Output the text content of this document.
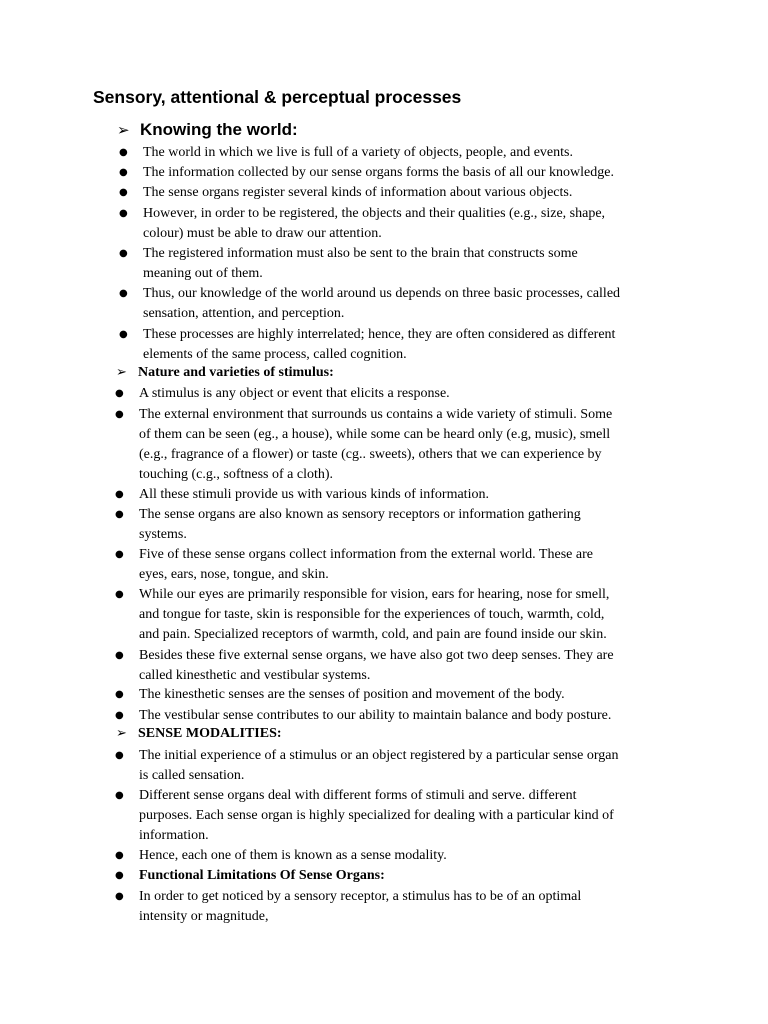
Sensory, attentional & perceptual processes
➢ Knowing the world:
● The world in which we live is full of a variety of objects, people, and events.
● The information collected by our sense organs forms the basis of all our knowledge.
● The sense organs register several kinds of information about various objects.
● However, in order to be registered, the objects and their qualities (e.g., size, shape,
colour) must be able to draw our attention.
● The registered information must also be sent to the brain that constructs some
meaning out of them.
● Thus, our knowledge of the world around us depends on three basic processes, called
sensation, attention, and perception.
● These processes are highly interrelated; hence, they are often considered as different
elements of the same process, called cognition.
➢ Nature and varieties of stimulus:
● A stimulus is any object or event that elicits a response.
● The external environment that surrounds us contains a wide variety of stimuli. Some
of them can be seen (eg., a house), while some can be heard only (e.g, music), smell
(e.g., fragrance of a flower) or taste (cg.. sweets), others that we can experience by
touching (c.g., softness of a cloth).
● All these stimuli provide us with various kinds of information.
● The sense organs are also known as sensory receptors or information gathering
systems.
● Five of these sense organs collect information from the external world. These are
eyes, ears, nose, tongue, and skin.
● While our eyes are primarily responsible for vision, ears for hearing, nose for smell,
and tongue for taste, skin is responsible for the experiences of touch, warmth, cold,
and pain. Specialized receptors of warmth, cold, and pain are found inside our skin.
● Besides these five external sense organs, we have also got two deep senses. They are
called kinesthetic and vestibular systems.
● The kinesthetic senses are the senses of position and movement of the body.
● The vestibular sense contributes to our ability to maintain balance and body posture.
➢ SENSE MODALITIES:
● The initial experience of a stimulus or an object registered by a particular sense organ
is called sensation.
● Different sense organs deal with different forms of stimuli and serve. different
purposes. Each sense organ is highly specialized for dealing with a particular kind of
information.
● Hence, each one of them is known as a sense modality.
● Functional Limitations Of Sense Organs:
● In order to get noticed by a sensory receptor, a stimulus has to be of an optimal
intensity or magnitude,
